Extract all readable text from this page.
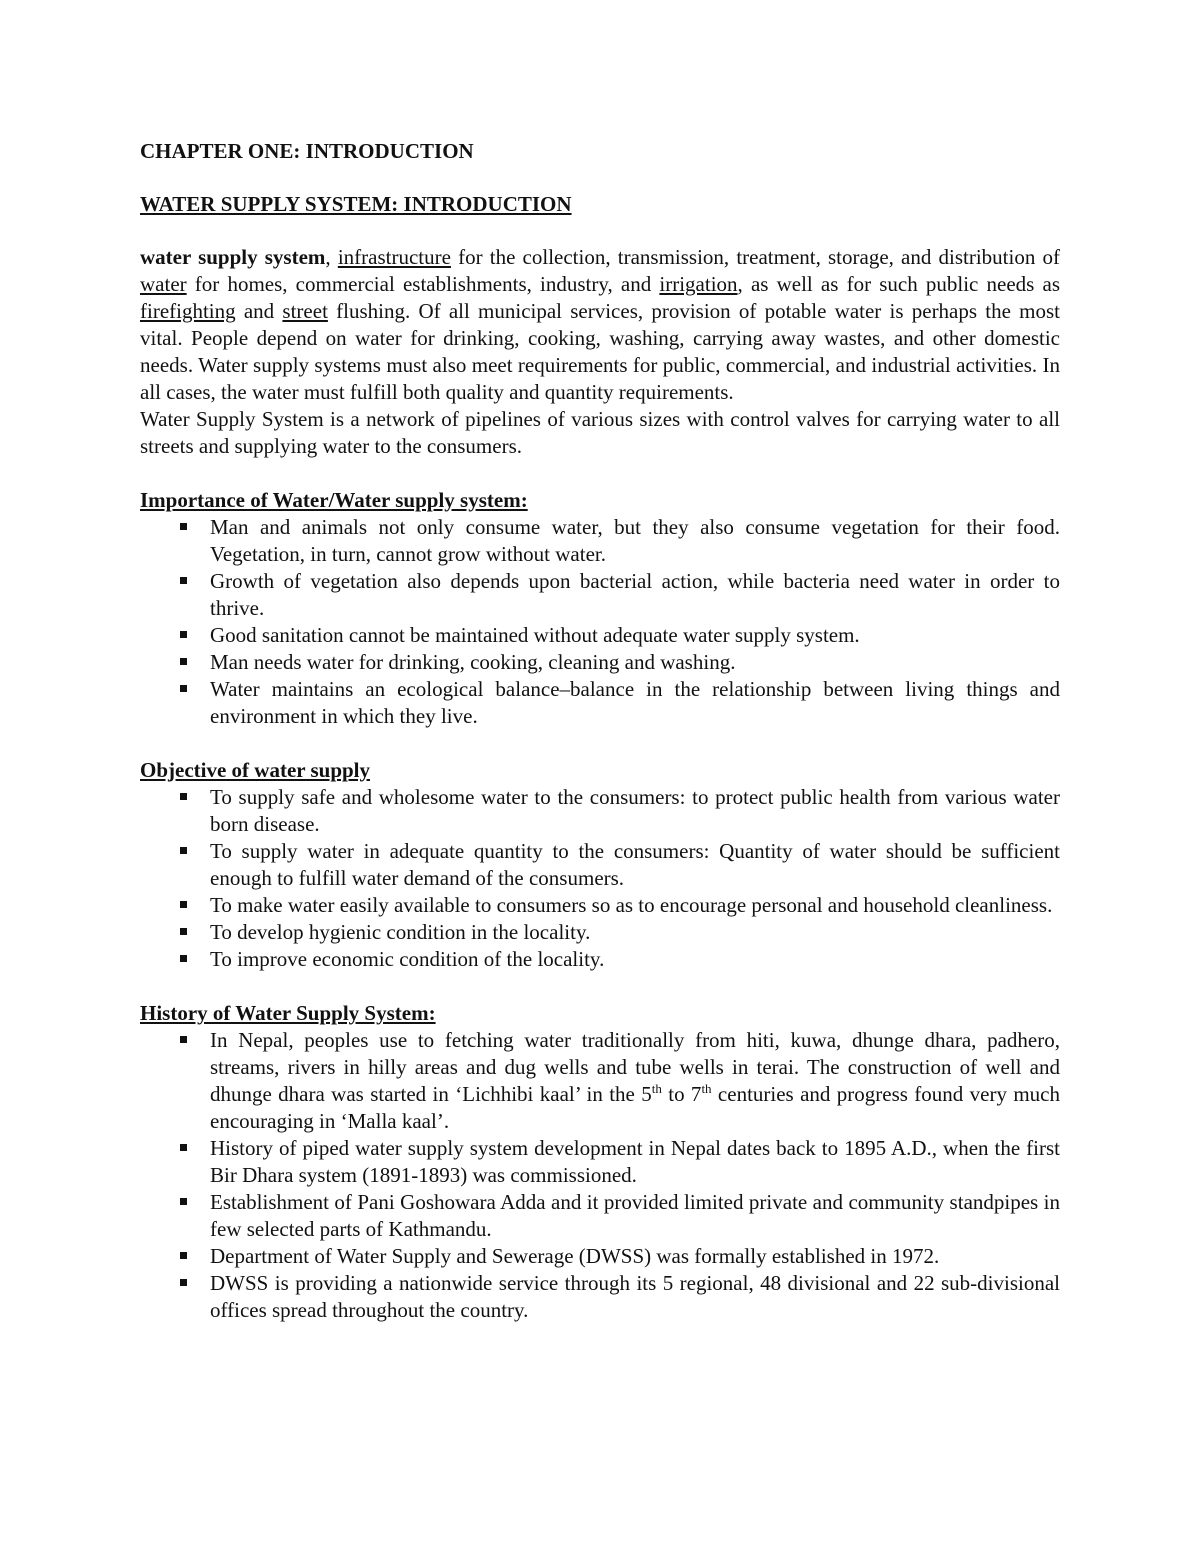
CHAPTER ONE: INTRODUCTION
WATER SUPPLY SYSTEM: INTRODUCTION

water supply system, infrastructure for the collection, transmission, treatment, storage, and distribution of water for homes, commercial establishments, industry, and irrigation, as well as for such public needs as firefighting and street flushing. Of all municipal services, provision of potable water is perhaps the most vital. People depend on water for drinking, cooking, washing, carrying away wastes, and other domestic needs. Water supply systems must also meet requirements for public, commercial, and industrial activities. In all cases, the water must fulfill both quality and quantity requirements.

Water Supply System is a network of pipelines of various sizes with control valves for carrying water to all streets and supplying water to the consumers.

Importance of Water/Water supply system:
Man and animals not only consume water, but they also consume vegetation for their food. Vegetation, in turn, cannot grow without water.
Growth of vegetation also depends upon bacterial action, while bacteria need water in order to thrive.
Good sanitation cannot be maintained without adequate water supply system.
Man needs water for drinking, cooking, cleaning and washing.
Water maintains an ecological balance–balance in the relationship between living things and environment in which they live.
Objective of water supply
To supply safe and wholesome water to the consumers: to protect public health from various water born disease.
To supply water in adequate quantity to the consumers: Quantity of water should be sufficient enough to fulfill water demand of the consumers.
To make water easily available to consumers so as to encourage personal and household cleanliness.
To develop hygienic condition in the locality.
To improve economic condition of the locality.
History of Water Supply System:
In Nepal, peoples use to fetching water traditionally from hiti, kuwa, dhunge dhara, padhero, streams, rivers in hilly areas and dug wells and tube wells in terai. The construction of well and dhunge dhara was started in ‘Lichhibi kaal’ in the 5th to 7th centuries and progress found very much encouraging in ‘Malla kaal’.
History of piped water supply system development in Nepal dates back to 1895 A.D., when the first Bir Dhara system (1891-1893) was commissioned.
Establishment of Pani Goshowara Adda and it provided limited private and community standpipes in few selected parts of Kathmandu.
Department of Water Supply and Sewerage (DWSS) was formally established in 1972.
DWSS is providing a nationwide service through its 5 regional, 48 divisional and 22 sub-divisional offices spread throughout the country.
